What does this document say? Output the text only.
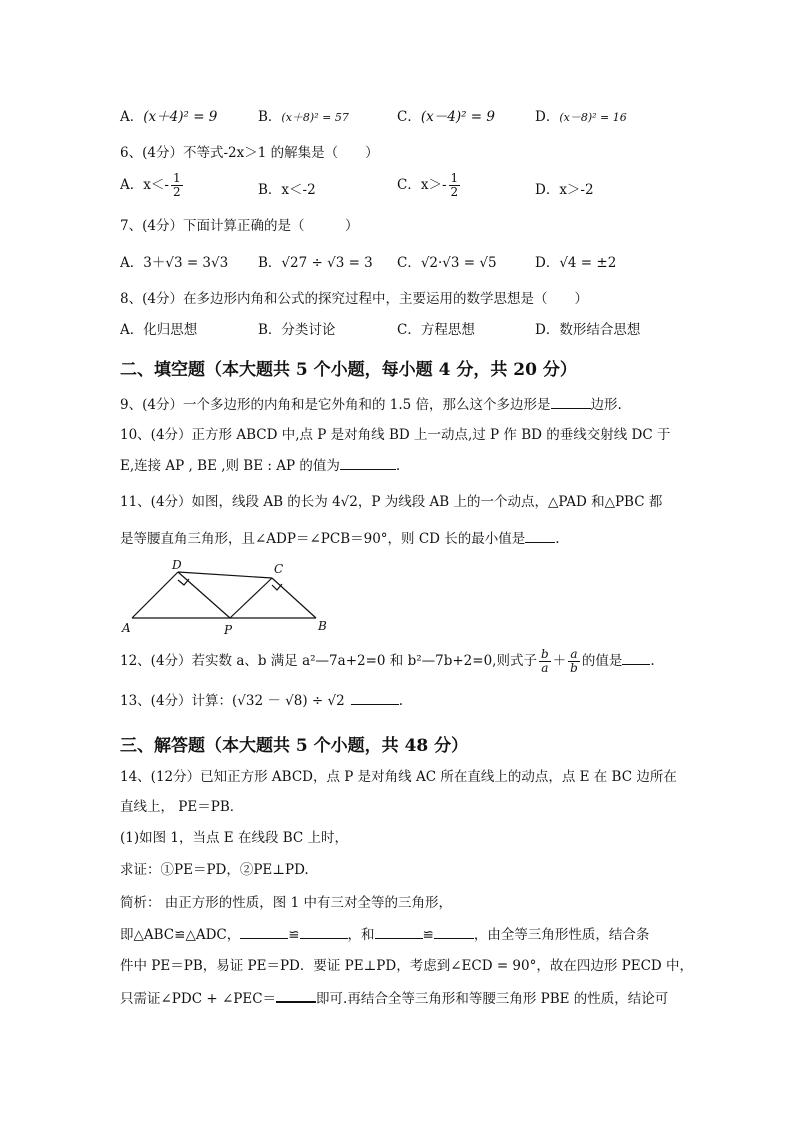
A．(x＋4)² = 9	B．(x＋8)² = 57	C．(x－4)² = 9	D．(x－8)² = 16
6、(4分）不等式-2x＞1 的解集是（　　）
A．$x<- \frac{1}{2}$	B．x＜-2	C．$x>- \frac{1}{2}$	D．x＞-2
7、(4分）下面计算正确的是（　　　）
A．3＋√3 = 3√3 B．√27 ÷ √3 = 3 C．√2·√3 = √5	D．√4 = ±2
8、(4分）在多边形内角和公式的探究过程中，主要运用的数学思想是（　　）
A．化归思想	B．分类讨论	C．方程思想	D．数形结合思想
二、填空题（本大题共 5 个小题，每小题 4 分，共 20 分）
9、(4分）一个多边形的内角和是它外角和的 1.5 倍，那么这个多边形是	边形.
10、(4分）正方形 ABCD 中,点 P 是对角线 BD 上一动点,过 P 作 BD 的垂线交射线 DC 于
E,连接 AP , BE ,则 BE : AP 的值为	.
11、(4分）如图，线段 AB 的长为 4√2，P 为线段 AB 上的一个动点，△PAD 和△PBC 都
是等腰直角三角形，且∠ADP＝∠PCB＝90°，则 CD 长的最小值是 .
A	P	B
D	C
12、(4分）若实数 a、b 满足 a²—7a+2=0 和 b²—7b+2=0,则式子 $\frac{b}{a} + \frac{a}{b}$ 的值是 .
13、(4分）计算：(√32 － √8) ÷ √2	.
三、解答题（本大题共 5 个小题，共 48 分）
14、(12分）已知正方形 ABCD，点 P 是对角线 AC 所在直线上的动点，点 E 在 BC 边所在
直线上， PE＝PB．
(1)如图 1，当点 E 在线段 BC 上时，
求证：①PE＝PD，②PE⊥PD.
简析： 由正方形的性质，图 1 中有三对全等的三角形，
即△ABC≌△ADC，	≌	，和	≌	，由全等三角形性质，结合条
件中 PE＝PB，易证 PE＝PD．要证 PE⊥PD，考虑到∠ECD = 90°，故在四边形 PECD 中，
只需证∠PDC + ∠PEC＝	即可.再结合全等三角形和等腰三角形 PBE 的性质，结论可
